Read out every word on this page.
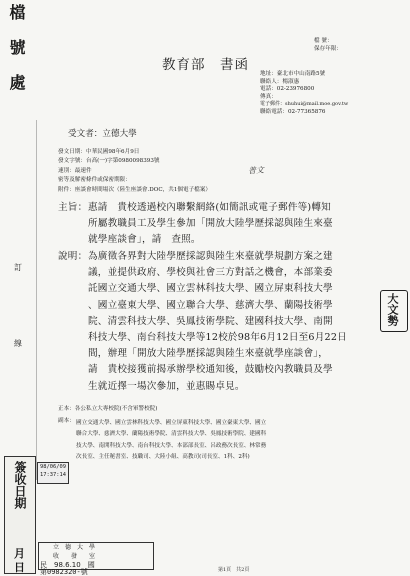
檔 號 處
訂
線
簽收日期
月
日
98/06/09
17:37:14
檔 號：
保存年限：
教育部　書函
地址：臺北市中山南路5號
聯絡人：楊淑惠
電話：02-23976800
傳真：
電子郵件：shuhui@mail.moe.gov.tw
聯絡電話：02-77365876
受文者：立德大學
發文日期：中華民國98年6月9日
發文字號：台高(一)字第0980098393號
速別：最速件
密等及解密條件或保密期限：
附件：座談會時間場次（陸生座談會.DOC，共1個電子檔案）
普文
主旨： 惠請　貴校透過校內聯繫網絡(如簡訊或電子郵件等)轉知
所屬教職員工及學生參加「開放大陸學歷採認與陸生來臺
就學座談會」，請　查照。
說明： 為廣徵各界對大陸學歷採認與陸生來臺就學規劃方案之建
議，並提供政府、學校與社會三方對話之機會，本部業委
託國立交通大學、國立雲林科技大學、國立屏東科技大學
、國立臺東大學、國立聯合大學、慈濟大學、蘭陽技術學
院、清雲科技大學、吳鳳技術學院、建國科技大學、南開
科技大學、南台科技大學等12校於98年6月12日至6月22日
間，辦理「開放大陸學歷採認與陸生來臺就學座談會」，
請　貴校接獲前揭承辦學校通知後，鼓勵校內教職員及學
生就近擇一場次參加，並惠賜卓見。
大文勢
正本：各公私立大專校院(不含軍警校院)
副本： 國立交通大學、國立雲林科技大學、國立屏東科技大學、國立臺東大學、國立
聯合大學、慈濟大學、蘭陽技術學院、清雲科技大學、吳鳳技術學院、建國科
技大學、南開科技大學、南台科技大學、本部部長室、呂政務次長室、林常務
次長室、主任秘書室、技職司、大陸小組、高教司(司長室、1科、2科)
立　德　大　學
收　　發　　室
民　98.6.10　國
第0982320-號	第1頁　共2頁
